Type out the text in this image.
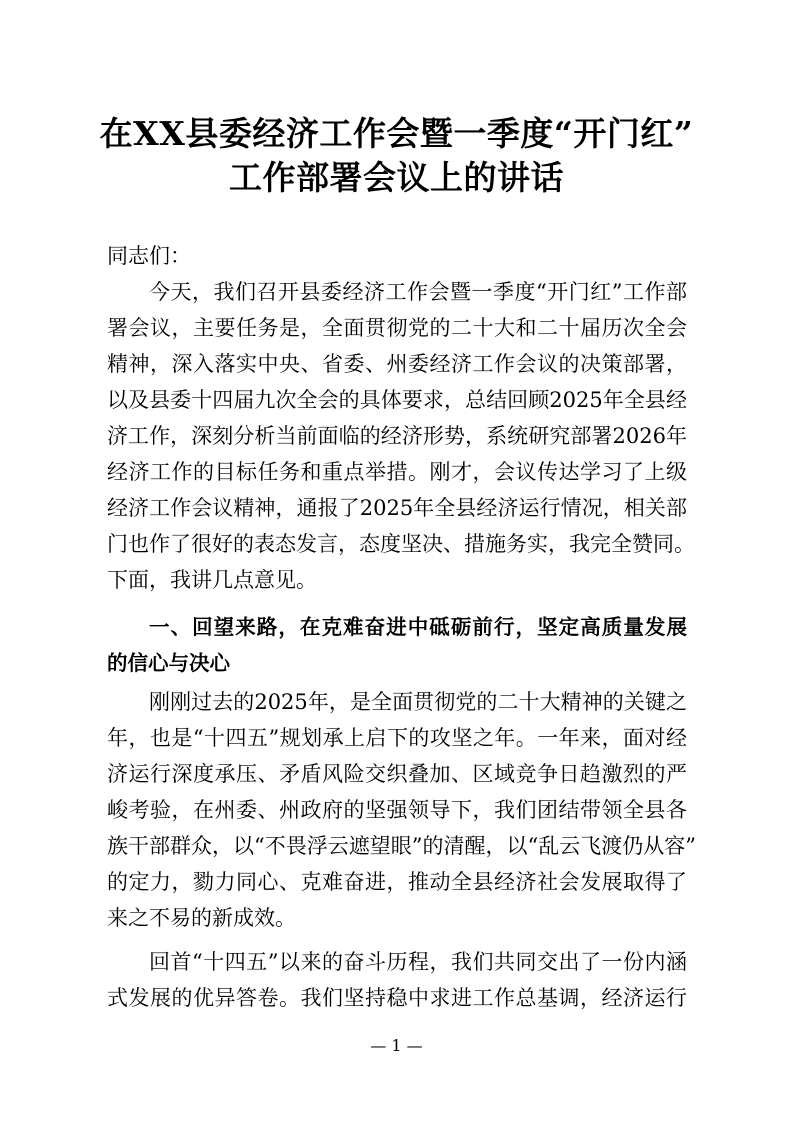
在XX县委经济工作会暨一季度“开门红”
工作部署会议上的讲话
同志们：
今天，我们召开县委经济工作会暨一季度“开门红”工作部
署会议，主要任务是，全面贯彻党的二十大和二十届历次全会
精神，深入落实中央、省委、州委经济工作会议的决策部署，
以及县委十四届九次全会的具体要求，总结回顾2025年全县经
济工作，深刻分析当前面临的经济形势，系统研究部署2026年
经济工作的目标任务和重点举措。刚才，会议传达学习了上级
经济工作会议精神，通报了2025年全县经济运行情况，相关部
门也作了很好的表态发言，态度坚决、措施务实，我完全赞同。
下面，我讲几点意见。
一、回望来路，在克难奋进中砥砺前行，坚定高质量发展
的信心与决心
刚刚过去的2025年，是全面贯彻党的二十大精神的关键之
年，也是“十四五”规划承上启下的攻坚之年。一年来，面对经
济运行深度承压、矛盾风险交织叠加、区域竞争日趋激烈的严
峻考验，在州委、州政府的坚强领导下，我们团结带领全县各
族干部群众，以“不畏浮云遮望眼”的清醒，以“乱云飞渡仍从容”
的定力，勠力同心、克难奋进，推动全县经济社会发展取得了
来之不易的新成效。
回首“十四五”以来的奋斗历程，我们共同交出了一份内涵
式发展的优异答卷。我们坚持稳中求进工作总基调，经济运行
— 1 —
